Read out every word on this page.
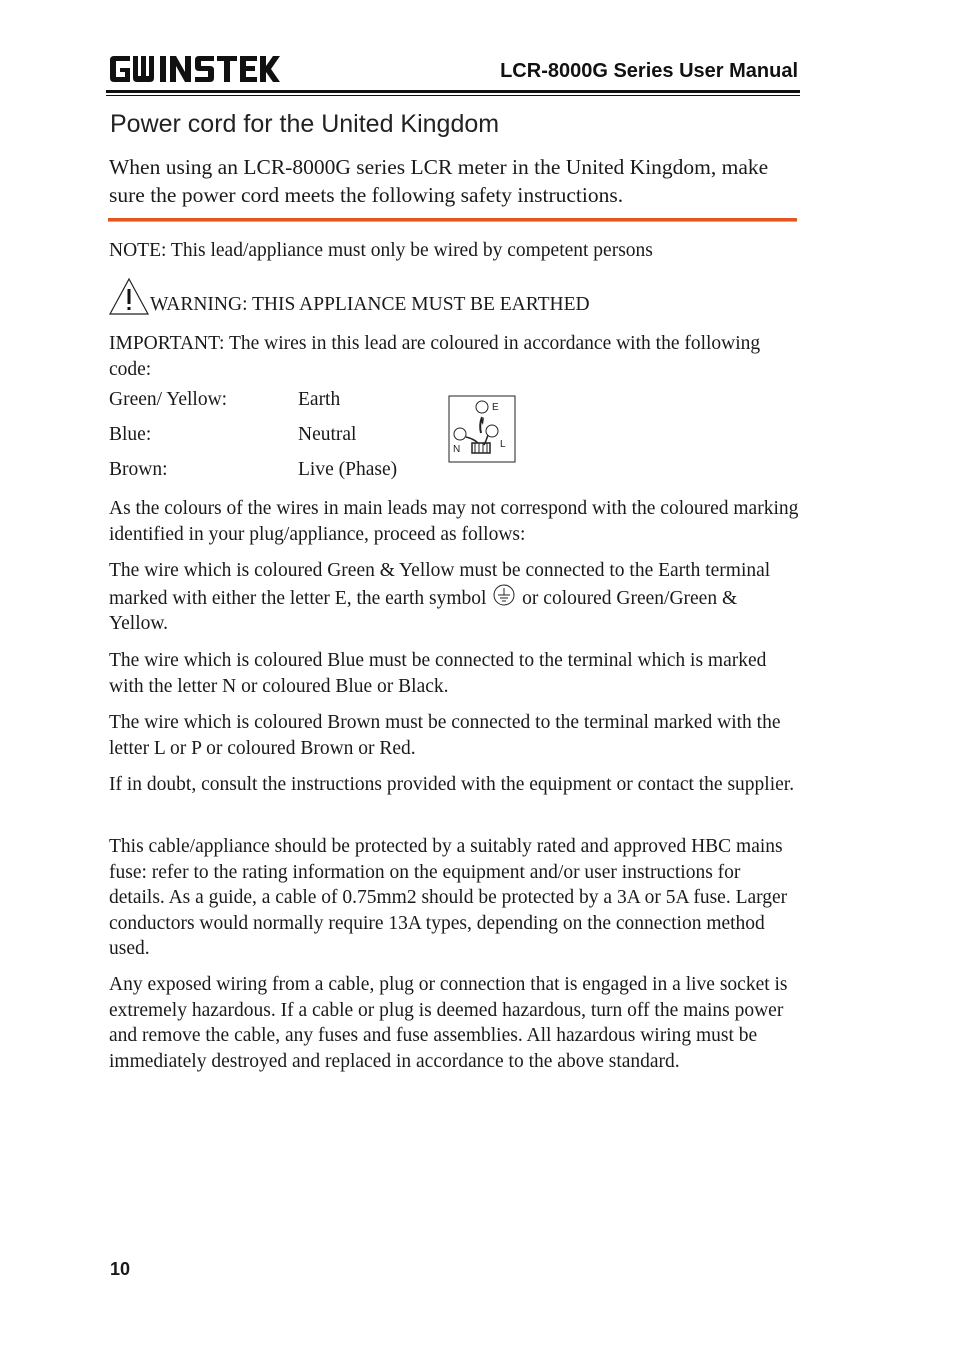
LCR-8000G Series User Manual
Power cord for the United Kingdom
When using an LCR-8000G series LCR meter in the United Kingdom, make sure the power cord meets the following safety instructions.
NOTE: This lead/appliance must only be wired by competent persons
WARNING: THIS APPLIANCE MUST BE EARTHED
IMPORTANT: The wires in this lead are coloured in accordance with the following code:
Green/ Yellow:	Earth
Blue:	Neutral
Brown:	Live (Phase)
E
N	L
As the colours of the wires in main leads may not correspond with the coloured marking identified in your plug/appliance, proceed as follows:
The wire which is coloured Green & Yellow must be connected to the Earth terminal marked with either the letter E, the earth symbol or coloured Green/Green & Yellow.
The wire which is coloured Blue must be connected to the terminal which is marked with the letter N or coloured Blue or Black.
The wire which is coloured Brown must be connected to the terminal marked with the letter L or P or coloured Brown or Red.
If in doubt, consult the instructions provided with the equipment or contact the supplier.
This cable/appliance should be protected by a suitably rated and approved HBC mains fuse: refer to the rating information on the equipment and/or user instructions for details. As a guide, a cable of 0.75mm2 should be protected by a 3A or 5A fuse. Larger conductors would normally require 13A types, depending on the connection method used.
Any exposed wiring from a cable, plug or connection that is engaged in a live socket is extremely hazardous. If a cable or plug is deemed hazardous, turn off the mains power and remove the cable, any fuses and fuse assemblies. All hazardous wiring must be immediately destroyed and replaced in accordance to the above standard.
10
